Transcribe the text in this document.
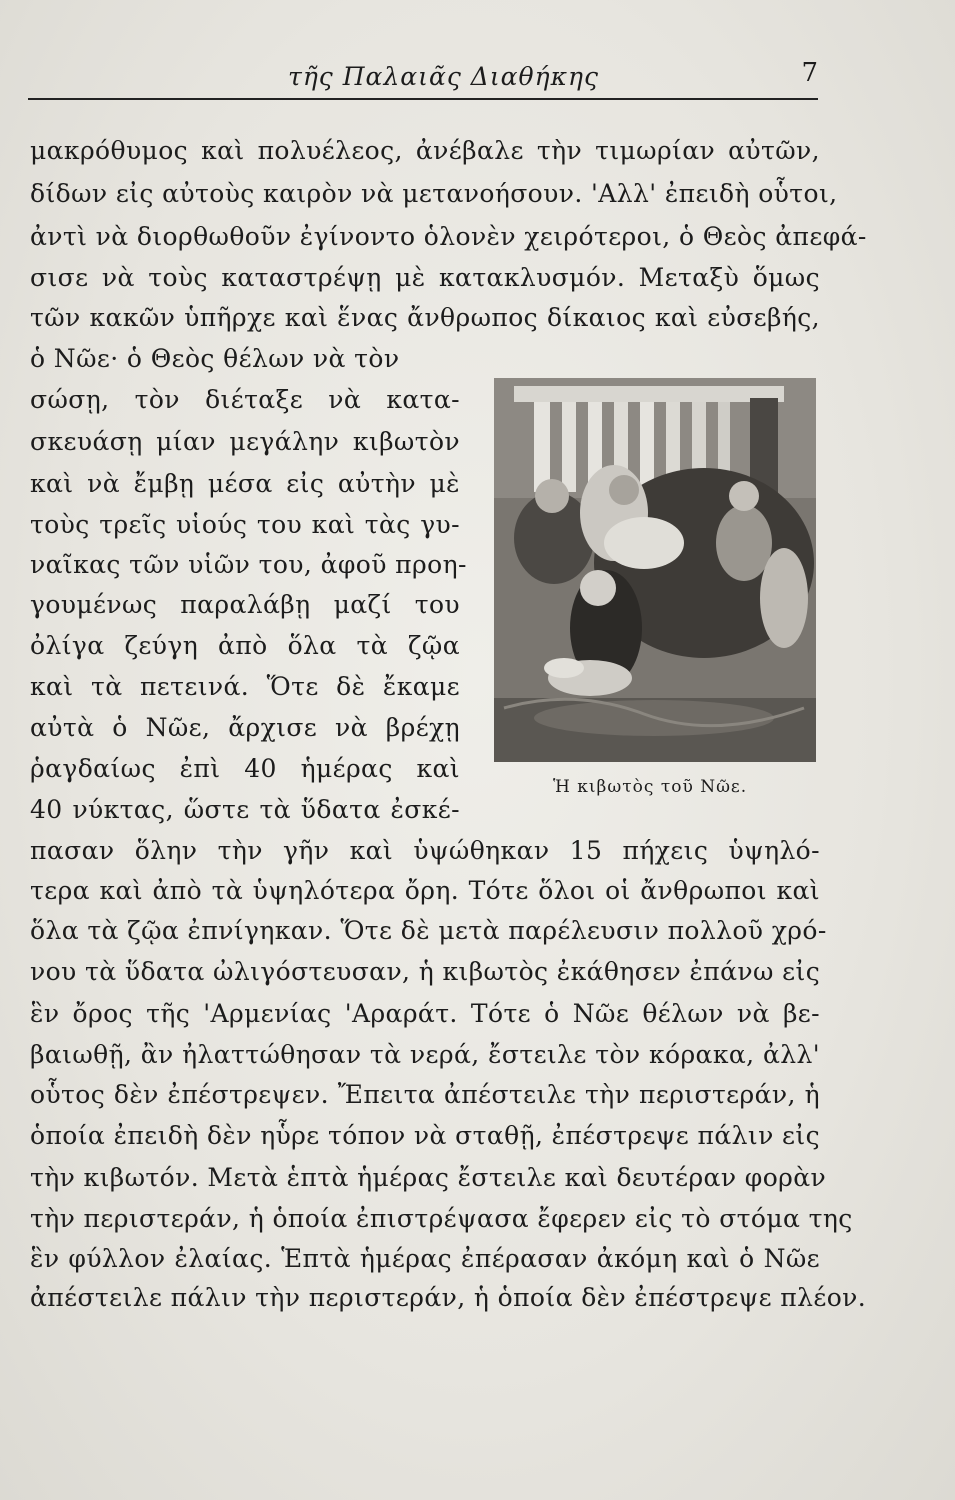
τῆς Παλαιᾶς Διαθήκης	7
μακρόθυμος καὶ πολυέλεος, ἀνέβαλε τὴν τιμωρίαν αὐτῶν,
δίδων εἰς αὐτοὺς καιρὸν νὰ μετανοήσουν. 'Αλλ' ἐπειδὴ οὗτοι,
ἀντὶ νὰ διορθωθοῦν ἐγίνοντο ὁλονὲν χειρότεροι, ὁ Θεὸς ἀπεφά-
σισε νὰ τοὺς καταστρέψῃ μὲ κατακλυσμόν. Μεταξὺ ὅμως
τῶν κακῶν ὑπῆρχε καὶ ἕνας ἄνθρωπος δίκαιος καὶ εὐσεβής,
ὁ Νῶε· ὁ Θεὸς θέλων νὰ τὸν
σώσῃ, τὸν διέταξε νὰ κατα-
σκευάσῃ μίαν μεγάλην κιβωτὸν
καὶ νὰ ἔμβῃ μέσα εἰς αὐτὴν μὲ
τοὺς τρεῖς υἱούς του καὶ τὰς γυ-
ναῖκας τῶν υἱῶν του, ἀφοῦ προη-
γουμένως παραλάβῃ μαζί του
ὀλίγα ζεύγη ἀπὸ ὅλα τὰ ζῷα
καὶ τὰ πετεινά. Ὅτε δὲ ἔκαμε
αὐτὰ ὁ Νῶε, ἄρχισε νὰ βρέχῃ
ῥαγδαίως ἐπὶ 40 ἡμέρας καὶ
40 νύκτας, ὥστε τὰ ὕδατα ἐσκέ-
πασαν ὅλην τὴν γῆν καὶ ὑψώθηκαν 15 πήχεις ὑψηλό-
τερα καὶ ἀπὸ τὰ ὑψηλότερα ὄρη. Τότε ὅλοι οἱ ἄνθρωποι καὶ
ὅλα τὰ ζῷα ἐπνίγηκαν. Ὅτε δὲ μετὰ παρέλευσιν πολλοῦ χρό-
νου τὰ ὕδατα ὠλιγόστευσαν, ἡ κιβωτὸς ἐκάθησεν ἐπάνω εἰς
ἓν ὄρος τῆς 'Αρμενίας 'Αραράτ. Τότε ὁ Νῶε θέλων νὰ βε-
βαιωθῇ, ἂν ἠλαττώθησαν τὰ νερά, ἔστειλε τὸν κόρακα, ἀλλ'
οὗτος δὲν ἐπέστρεψεν. Ἔπειτα ἀπέστειλε τὴν περιστεράν, ἡ
ὁποία ἐπειδὴ δὲν ηὗρε τόπον νὰ σταθῇ, ἐπέστρεψε πάλιν εἰς
τὴν κιβωτόν. Μετὰ ἑπτὰ ἡμέρας ἔστειλε καὶ δευτέραν φορὰν
τὴν περιστεράν, ἡ ὁποία ἐπιστρέψασα ἔφερεν εἰς τὸ στόμα της
ἓν φύλλον ἐλαίας. Ἑπτὰ ἡμέρας ἐπέρασαν ἀκόμη καὶ ὁ Νῶε
ἀπέστειλε πάλιν τὴν περιστεράν, ἡ ὁποία δὲν ἐπέστρεψε πλέον.
Ἡ κιβωτὸς τοῦ Νῶε.
